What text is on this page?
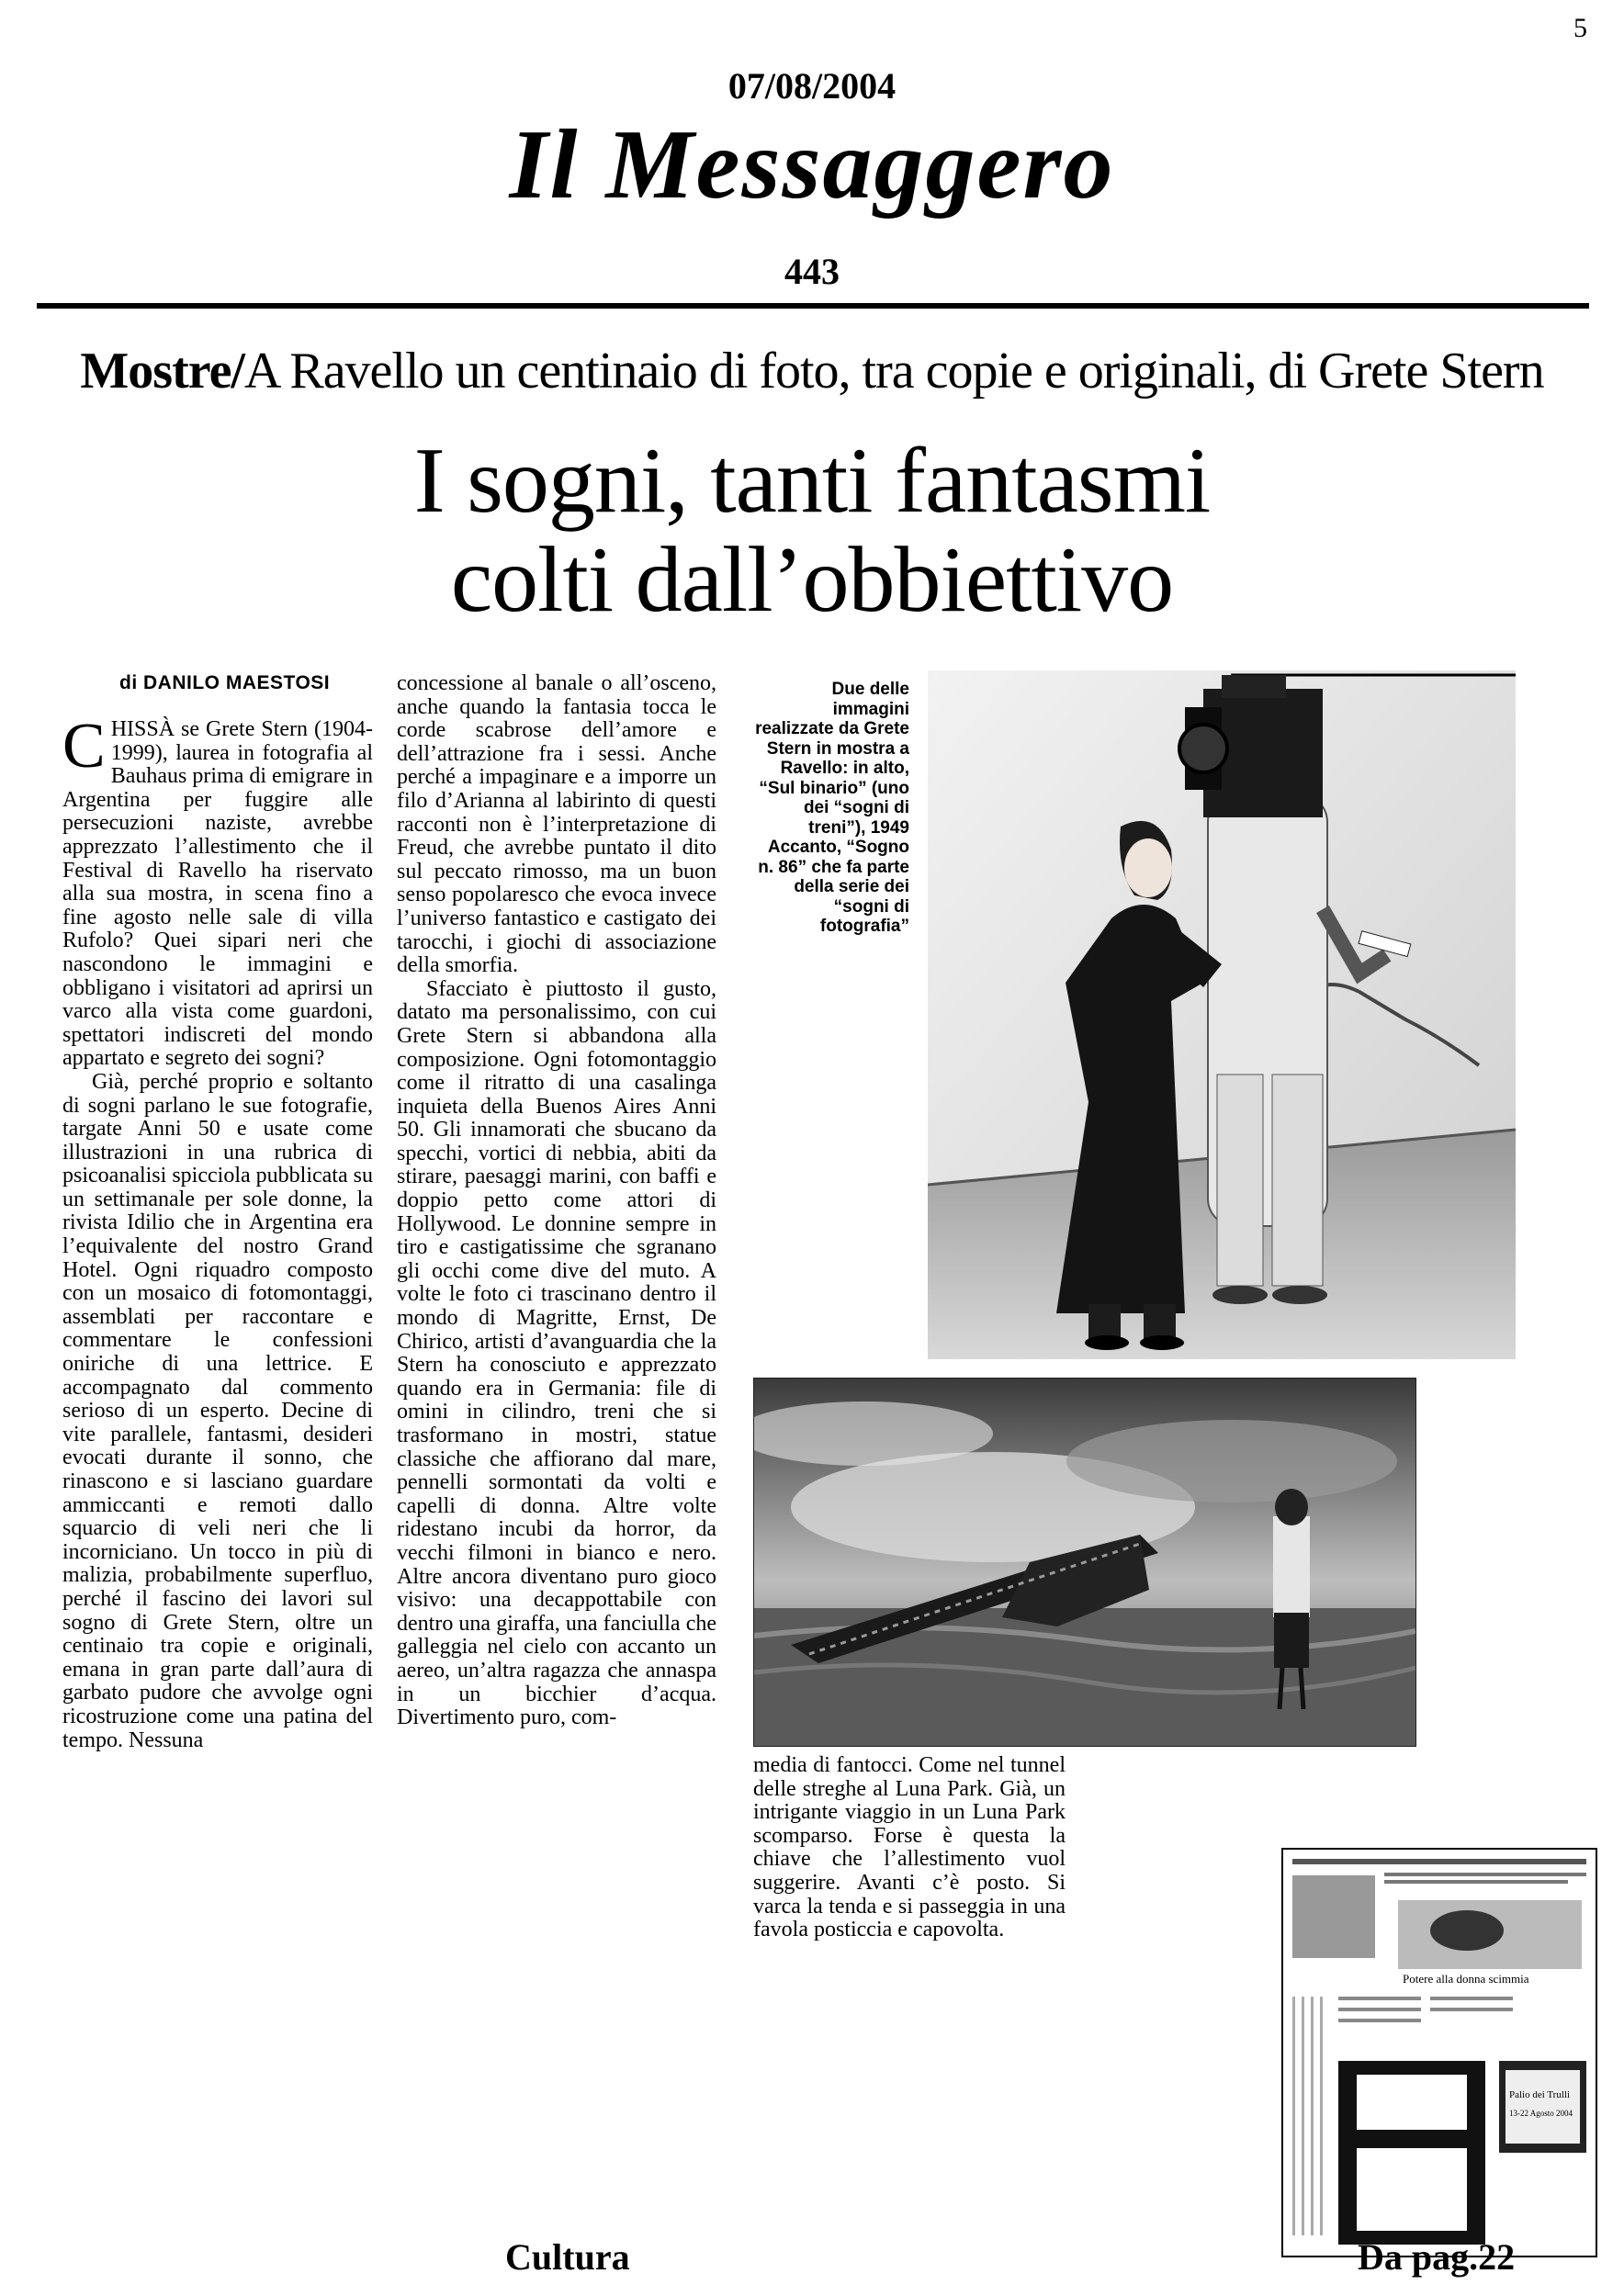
5
07/08/2004
Il Messaggero
443
Mostre/A Ravello un centinaio di foto, tra copie e originali, di Grete Stern
I sogni, tanti fantasmi
colti dall’obbiettivo
di DANILO MAESTOSI

CHISSÀ se Grete Stern (1904-1999), laurea in fotografia al Bauhaus prima di emigrare in Argentina per fuggire alle persecuzioni naziste, avrebbe apprezzato l’allestimento che il Festival di Ravello ha riservato alla sua mostra, in scena fino a fine agosto nelle sale di villa Rufolo? Quei sipari neri che nascondono le immagini e obbligano i visitatori ad aprirsi un varco alla vista come guardoni, spettatori indiscreti del mondo appartato e segreto dei sogni?

Già, perché proprio e soltanto di sogni parlano le sue fotografie, targate Anni 50 e usate come illustrazioni in una rubrica di psicoanalisi spicciola pubblicata su un settimanale per sole donne, la rivista Idilio che in Argentina era l’equivalente del nostro Grand Hotel. Ogni riquadro composto con un mosaico di fotomontaggi, assemblati per raccontare e commentare le confessioni oniriche di una lettrice. E accompagnato dal commento serioso di un esperto. Decine di vite parallele, fantasmi, desideri evocati durante il sonno, che rinascono e si lasciano guardare ammiccanti e remoti dallo squarcio di veli neri che li incorniciano. Un tocco in più di malizia, probabilmente superfluo, perché il fascino dei lavori sul sogno di Grete Stern, oltre un centinaio tra copie e originali, emana in gran parte dall’aura di garbato pudore che avvolge ogni ricostruzione come una patina del tempo. Nessuna

concessione al banale o all’osceno, anche quando la fantasia tocca le corde scabrose dell’amore e dell’attrazione fra i sessi. Anche perché a impaginare e a imporre un filo d’Arianna al labirinto di questi racconti non è l’interpretazione di Freud, che avrebbe puntato il dito sul peccato rimosso, ma un buon senso popolaresco che evoca invece l’universo fantastico e castigato dei tarocchi, i giochi di associazione della smorfia.

Sfacciato è piuttosto il gusto, datato ma personalissimo, con cui Grete Stern si abbandona alla composizione. Ogni fotomontaggio come il ritratto di una casalinga inquieta della Buenos Aires Anni 50. Gli innamorati che sbucano da specchi, vortici di nebbia, abiti da stirare, paesaggi marini, con baffi e doppio petto come attori di Hollywood. Le donnine sempre in tiro e castigatissime che sgranano gli occhi come dive del muto. A volte le foto ci trascinano dentro il mondo di Magritte, Ernst, De Chirico, artisti d’avanguardia che la Stern ha conosciuto e apprezzato quando era in Germania: file di omini in cilindro, treni che si trasformano in mostri, statue classiche che affiorano dal mare, pennelli sormontati da volti e capelli di donna. Altre volte ridestano incubi da horror, da vecchi filmoni in bianco e nero. Altre ancora diventano puro gioco visivo: una decappottabile con dentro una giraffa, una fanciulla che galleggia nel cielo con accanto un aereo, un’altra ragazza che annaspa in un bicchier d’acqua. Divertimento puro, com-

media di fantocci. Come nel tunnel delle streghe al Luna Park. Già, un intrigante viaggio in un Luna Park scomparso. Forse è questa la chiave che l’allestimento vuol suggerire. Avanti c’è posto. Si varca la tenda e si passeggia in una favola posticcia e capovolta.

Due delle immagini realizzate da Grete Stern in mostra a Ravello: in alto, “Sul binario” (uno dei “sogni di treni”), 1949 Accanto, “Sogno n. 86” che fa parte della serie dei “sogni di fotografia”
Potere alla donna scimmia
Palio dei Trulli
13-22 Agosto 2004
Cultura	Da pag.22
